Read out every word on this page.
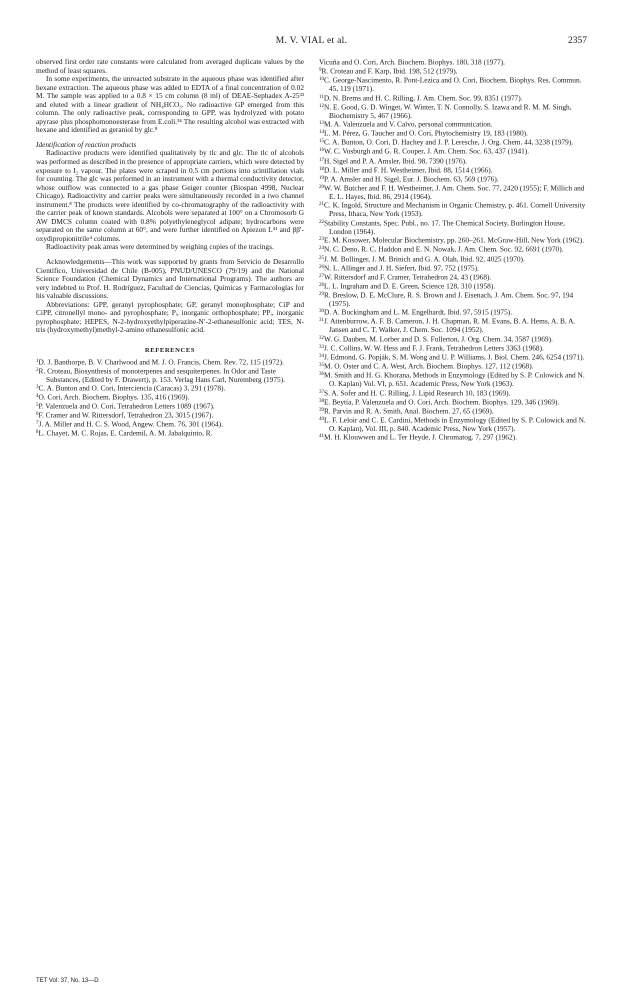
M. V. VIAL et al.	2357

observed first order rate constants were calculated from averaged duplicate values by the method of least squares.

In some experiments, the unreacted substrate in the aqueous phase was identified after hexane extraction. The aqueous phase was added to EDTA of a final concentration of 0.02 M. The sample was applied to a 0.8 × 15 cm column (8 ml) of DEAE-Sephadex A-25³³ and eluted with a linear gradient of NH₄HCO₃. No radioactive GP emerged from this column. The only radioactive peak, corresponding to GPP, was hydrolyzed with potato apyrase plus phosphomonoesterase from E.coli.³⁴ The resulting alcohol was extracted with hexane and identified as geraniol by glc.⁸

Identification of reaction products

Radioactive products were identified qualitatively by tlc and glc. The tlc of alcohols was performed as described in the presence of appropriate carriers, which were detected by exposure to I₂ vapour. The plates were scraped in 0.5 cm portions into scintillation vials for counting. The glc was performed in an instrument with a thermal conductivity detector, whose outflow was connected to a gas phase Geiger counter (Biospan 4998, Nuclear Chicago). Radioactivity and carrier peaks were simultaneously recorded in a two channel instrument.⁸ The products were identified by co-chromatography of the radioactivity with the carrier peak of known standards. Alcohols were separated at 100° on a Chromosorb G AW DMCS column coated with 0.8% polyethyleneglycol adipate; hydrocarbons were separated on the same column at 60°, and were further identified on Apiezon L⁴¹ and ββ′-oxydipropionitrile⁴ columns.

Radioactivity peak areas were determined by weighing copies of the tracings.

Acknowledgements—This work was supported by grants from Servicio de Desarrollo Científico, Universidad de Chile (B-005), PNUD/UNESCO (79/19) and the National Science Foundation (Chemical Dynamics and International Programs). The authors are very indebted to Prof. H. Rodríguez, Facultad de Ciencias, Químicas y Farmacologías for his valuable discussions.

Abbreviations: GPP, geranyl pyrophosphate; GP, geranyl monophosphate; CiP and CiPP, citronellyl mono- and pyrophosphate; Pᵢ, inorganic orthophosphate; PPᵢ, inorganic pyrophosphate; HEPES, N-2-hydroxyethylpiperazine-N′-2-ethanesulfonic acid; TES, N-tris (hydroxymethyl)methyl-2-amino ethanesulfonic acid.

REFERENCES

$^1$D. J. Banthorpe, B. V. Charlwood and M. J. O. Francis, Chem. Rev. 72, 115 (1972).

$^2$R. Croteau, Biosynthesis of monoterpenes and sesquiterpenes. In Odor and Taste Substances, (Edited by F. Drawert), p. 153. Verlag Hans Carl, Nuremberg (1975).

$^3$C. A. Bunton and O. Cori, Interciencia (Caracas) 3, 291 (1978).

$^4$O. Cori, Arch. Biochem. Biophys. 135, 416 (1969).

$^5$P. Valenzuela and O. Cori, Tetrahedron Letters 1089 (1967).

$^6$F. Cramer and W. Rittersdorf, Tetrahedron 23, 3015 (1967).

$^7$J. A. Miller and H. C. S. Wood, Angew. Chem. 76, 301 (1964).

$^8$L. Chayet, M. C. Rojas, E. Cardemil, A. M. Jabalquinto, R.

Vicuña and O. Cori, Arch. Biochem. Biophys. 180, 318 (1977).

$^9$R. Croteau and F. Karp, Ibid. 198, 512 (1979).

$^{10}$C. George-Nascimento, R. Pont-Lezica and O. Cori, Biochem. Biophys. Res. Commun. 45, 119 (1971).

$^{11}$D. N. Brems and H. C. Rilling, J. Am. Chem. Soc. 99, 8351 (1977).

$^{12}$N. E. Good, G. D. Winget, W. Winter, T. N. Connolly, S. Izawa and R. M. M. Singh, Biochemistry 5, 467 (1966).

$^{13}$M. A. Valenzuela and V. Calvo, personal communication.

$^{14}$L. M. Pérez, G. Taucher and O. Cori, Phytochemistry 19, 183 (1980).

$^{15}$C. A. Bunton, O. Cori, D. Hachey and J. P. Leresche, J. Org. Chem. 44, 3238 (1979).

$^{16}$W. C. Vosburgh and G. R. Cooper, J. Am. Chem. Soc. 63, 437 (1941).

$^{17}$H. Sigel and P. A. Amsler, Ibid. 98, 7390 (1976).

$^{18}$D. L. Miller and F. H. Westheimer, Ibid. 88, 1514 (1966).

$^{19}$P. A. Amsler and H. Sigel, Eur. J. Biochem. 63, 569 (1976).

$^{20}$W. W. Butcher and F. H. Westheimer, J. Am. Chem. Soc. 77, 2420 (1955); F. Millich and E. L. Hayes, Ibid. 86, 2914 (1964).

$^{21}$C. K. Ingold, Structure and Mechanism in Organic Chemistry, p. 461. Cornell University Press, Ithaca, New York (1953).

$^{22}$Stability Constants, Spec. Publ., no. 17. The Chemical Society, Burlington House, London (1964).

$^{23}$E. M. Kosower, Molecular Biochemistry, pp. 260–261. McGraw-Hill, New York (1962).

$^{24}$N. C. Deno, R. C. Haddon and E. N. Nowak, J. Am. Chem. Soc. 92, 6691 (1970).

$^{25}$J. M. Bollinger, J. M. Brinich and G. A. Olah, Ibid. 92, 4025 (1970).

$^{26}$N. L. Allinger and J. H. Siefert, Ibid. 97, 752 (1975).

$^{27}$W. Rittersdorf and F. Cramer, Tetrahedron 24, 43 (1968).

$^{28}$L. L. Ingraham and D. E. Green, Science 128, 310 (1958).

$^{29}$R. Breslow, D. E. McClure, R. S. Brown and J. Eisenach, J. Am. Chem. Soc. 97, 194 (1975).

$^{30}$D. A. Buckingham and L. M. Engelhardt, Ibid. 97, 5915 (1975).

$^{31}$J. Attenburrow, A. F. B. Cameron, J. H. Chapman, R. M. Evans, B. A. Hems, A. B. A. Jansen and C. T. Walker, J. Chem. Soc. 1094 (1952).

$^{32}$W. G. Dauben, M. Lorber and D. S. Fullerton, J. Org. Chem. 34, 3587 (1969).

$^{33}$J. C. Collins, W. W. Hess and F. J. Frank, Tetrahedron Letters 3363 (1968).

$^{34}$J. Edmond, G. Popják, S. M. Wong and U. P. Williams, J. Biol. Chem. 246, 6254 (1971).

$^{35}$M. O. Oster and C. A. West, Arch. Biochem. Biophys. 127, 112 (1968).

$^{36}$M. Smith and H. G. Khorana, Methods in Enzymology (Edited by S. P. Colowick and N. O. Kaplan) Vol. VI, p. 651. Academic Press, New York (1963).

$^{37}$S. A. Sofer and H. C. Rilling, J. Lipid Research 10, 183 (1969).

$^{38}$E. Beytía, P. Valenzuela and O. Cori, Arch. Biochem. Biophys. 129, 346 (1969).

$^{39}$R. Parvin and R. A. Smith, Anal. Biochem. 27, 65 (1969).

$^{40}$L. F. Leloir and C. E. Cardini, Methods in Enzymology (Edited by S. P. Colowick and N. O. Kaplan), Vol. III, p. 840. Academic Press, New York (1957).

$^{41}$M. H. Klouwwen and L. Ter Heyde, J. Chromatog. 7, 297 (1962).

TET Vol. 37, No. 13—D
